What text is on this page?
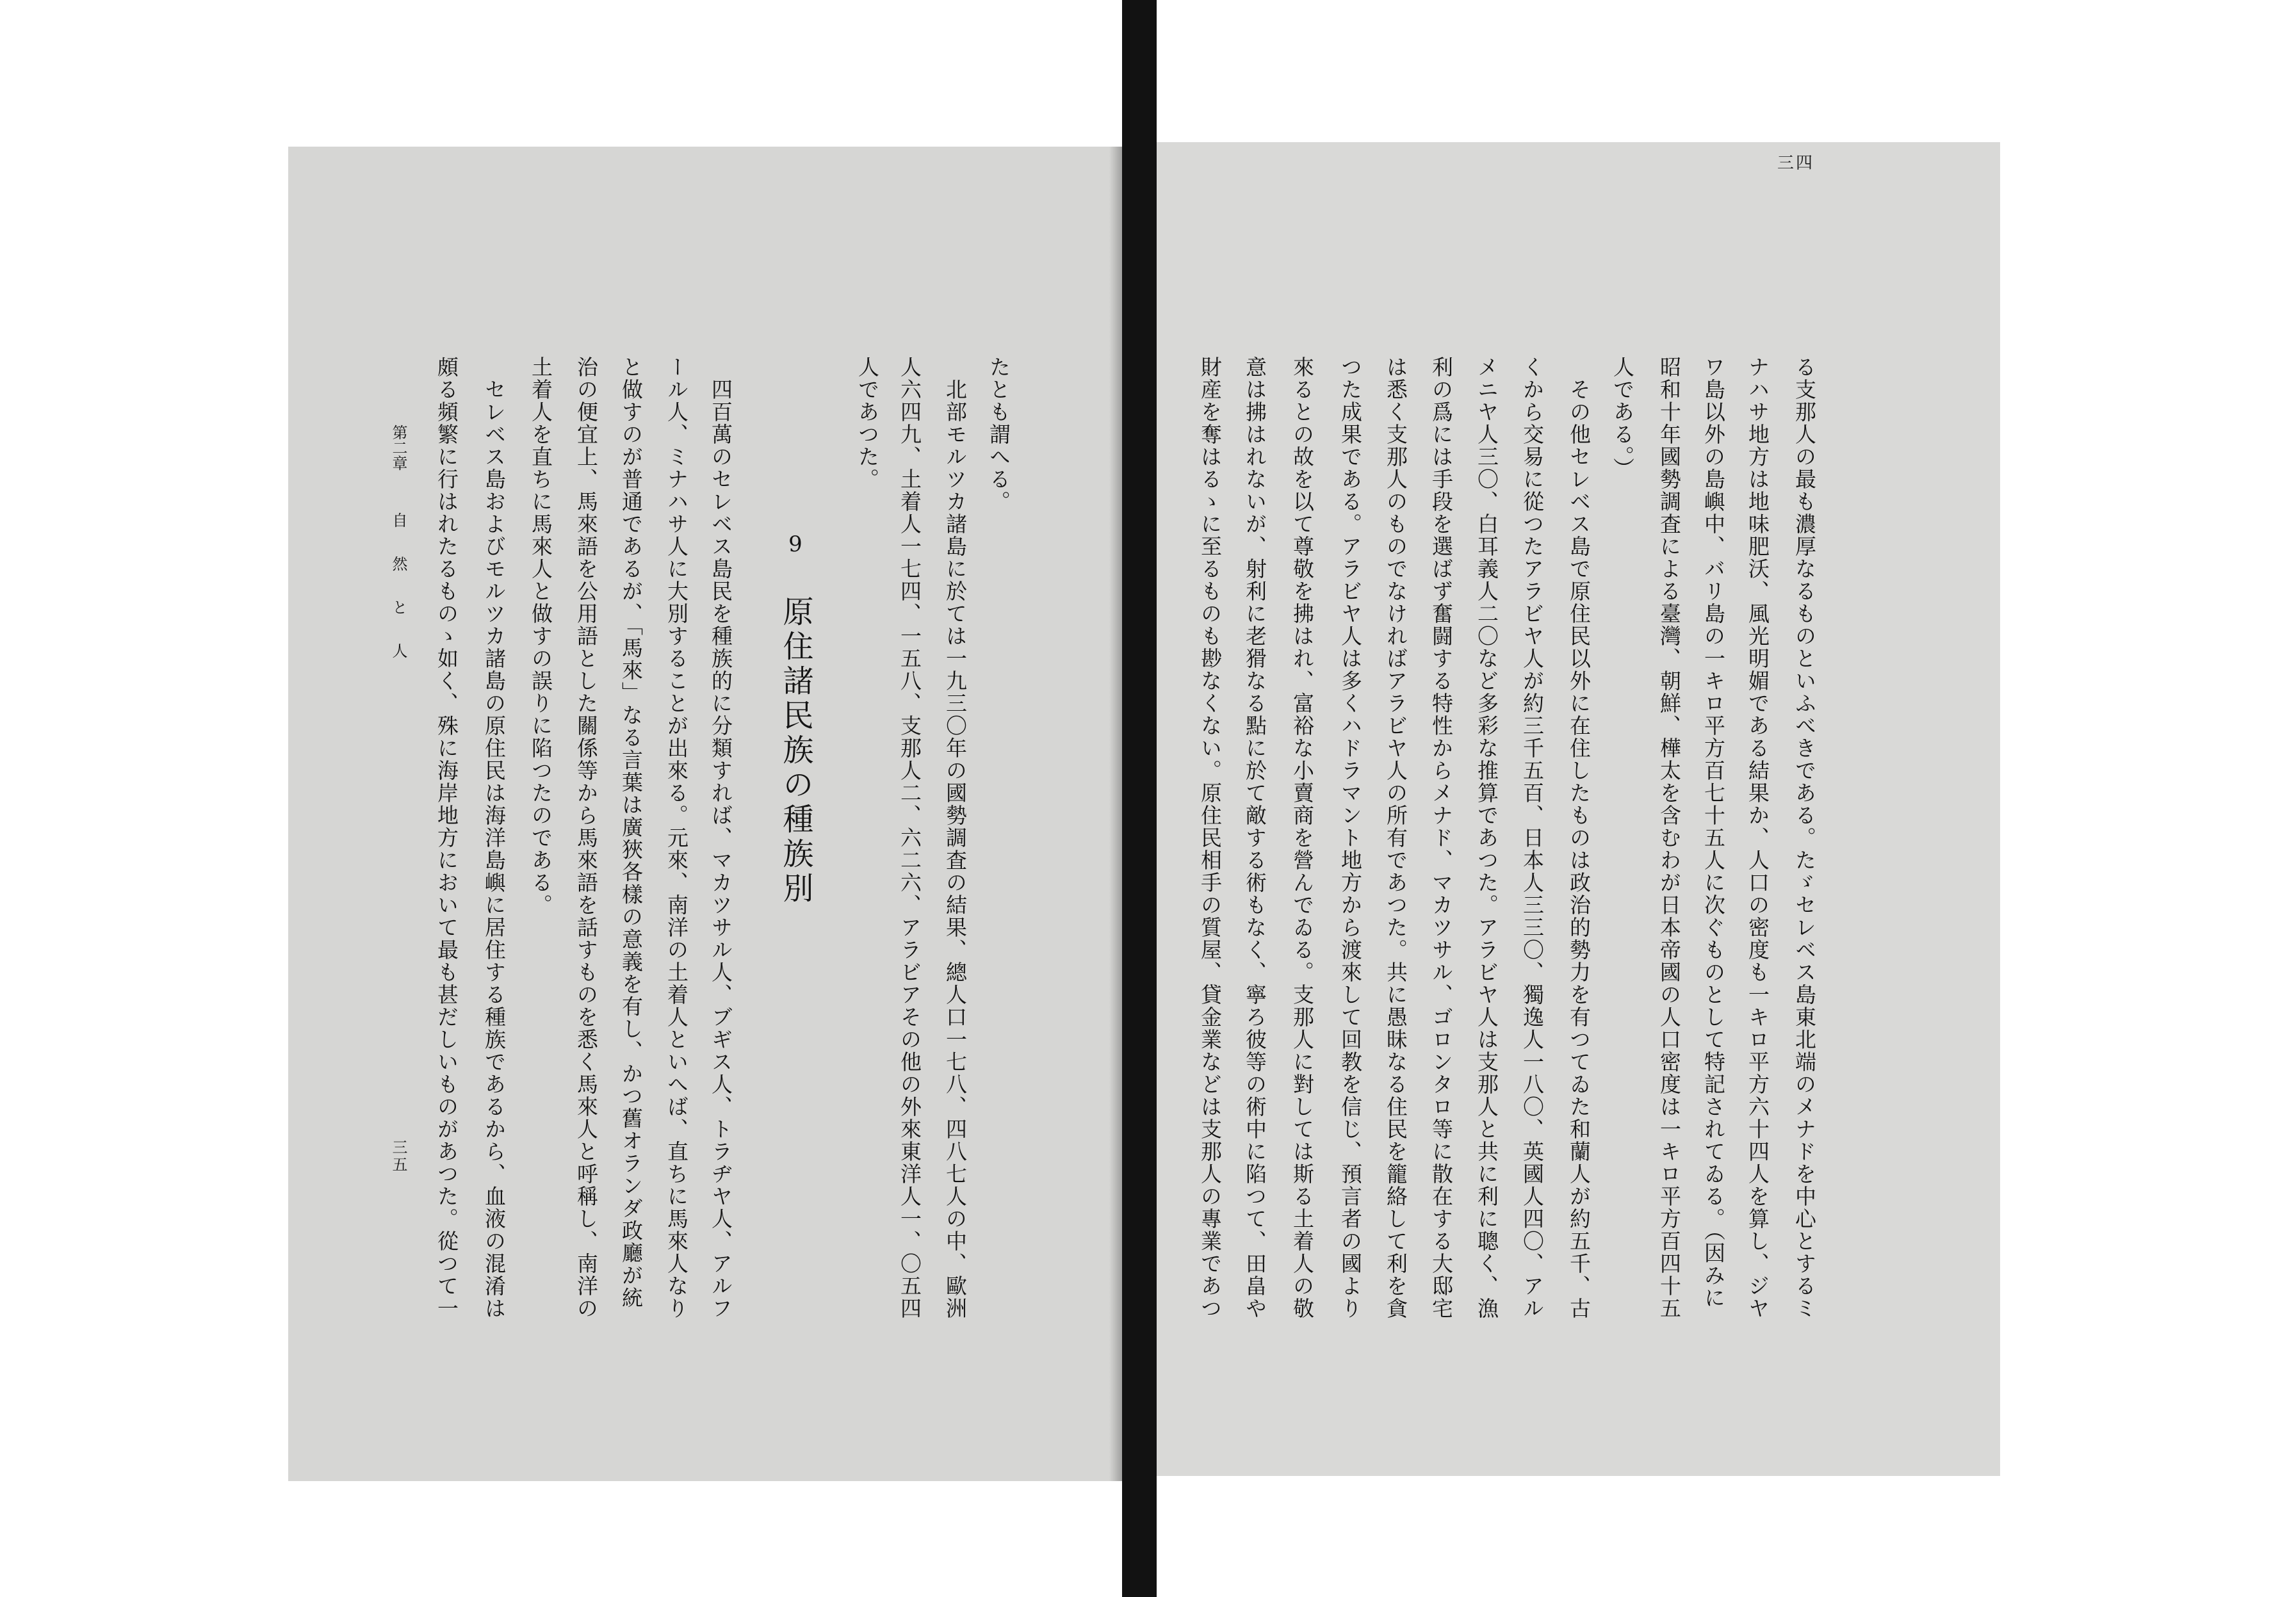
第二章
自然と人
三五
たとも謂へる。
北部モルツカ諸島に於ては一九三〇年の國勢調査の結果、總人口一七八、四八七人の中、歐洲
人六四九、土着人一七四、一五八、支那人二、六二六、アラビアその他の外來東洋人一、〇五四
人であつた。
9
原住諸民族の種族別
四百萬のセレベス島民を種族的に分類すれば、マカツサル人、ブギス人、トラヂヤ人、アルフ
ール人、ミナハサ人に大別することが出來る。元來、南洋の土着人といへば、直ちに馬來人なり
と做すのが普通であるが、「馬來」なる言葉は廣狹各樣の意義を有し、かつ舊オランダ政廳が統
治の便宜上、馬來語を公用語とした關係等から馬來語を話すものを悉く馬來人と呼稱し、南洋の
土着人を直ちに馬來人と做すの誤りに陷つたのである。
セレベス島およびモルツカ諸島の原住民は海洋島嶼に居住する種族であるから、血液の混淆は
頗る頻繁に行はれたるものゝ如く、殊に海岸地方において最も甚だしいものがあつた。從つて一
三四
る支那人の最も濃厚なるものといふべきである。たゞセレベス島東北端のメナドを中心とするミ
ナハサ地方は地味肥沃、風光明媚である結果か、人口の密度も一キロ平方六十四人を算し、ジヤ
ワ島以外の島嶼中、バリ島の一キロ平方百七十五人に次ぐものとして特記されてゐる。（因みに
昭和十年國勢調査による臺灣、朝鮮、樺太を含むわが日本帝國の人口密度は一キロ平方百四十五
人である。）
その他セレベス島で原住民以外に在住したものは政治的勢力を有つてゐた和蘭人が約五千、古
くから交易に從つたアラビヤ人が約三千五百、日本人三三〇、獨逸人一八〇、英國人四〇、アル
メニヤ人三〇、白耳義人二〇など多彩な推算であつた。アラビヤ人は支那人と共に利に聰く、漁
利の爲には手段を選ばず奮闘する特性からメナド、マカツサル、ゴロンタロ等に散在する大邸宅
は悉く支那人のものでなければアラビヤ人の所有であつた。共に愚昧なる住民を籠絡して利を貪
つた成果である。アラビヤ人は多くハドラマント地方から渡來して回教を信じ、預言者の國より
來るとの故を以て尊敬を拂はれ、富裕な小賣商を營んでゐる。支那人に對しては斯る土着人の敬
意は拂はれないが、射利に老猾なる點に於て敵する術もなく、寧ろ彼等の術中に陷つて、田畠や
財産を奪はるゝに至るものも尠なくない。原住民相手の質屋、貸金業などは支那人の專業であつ
